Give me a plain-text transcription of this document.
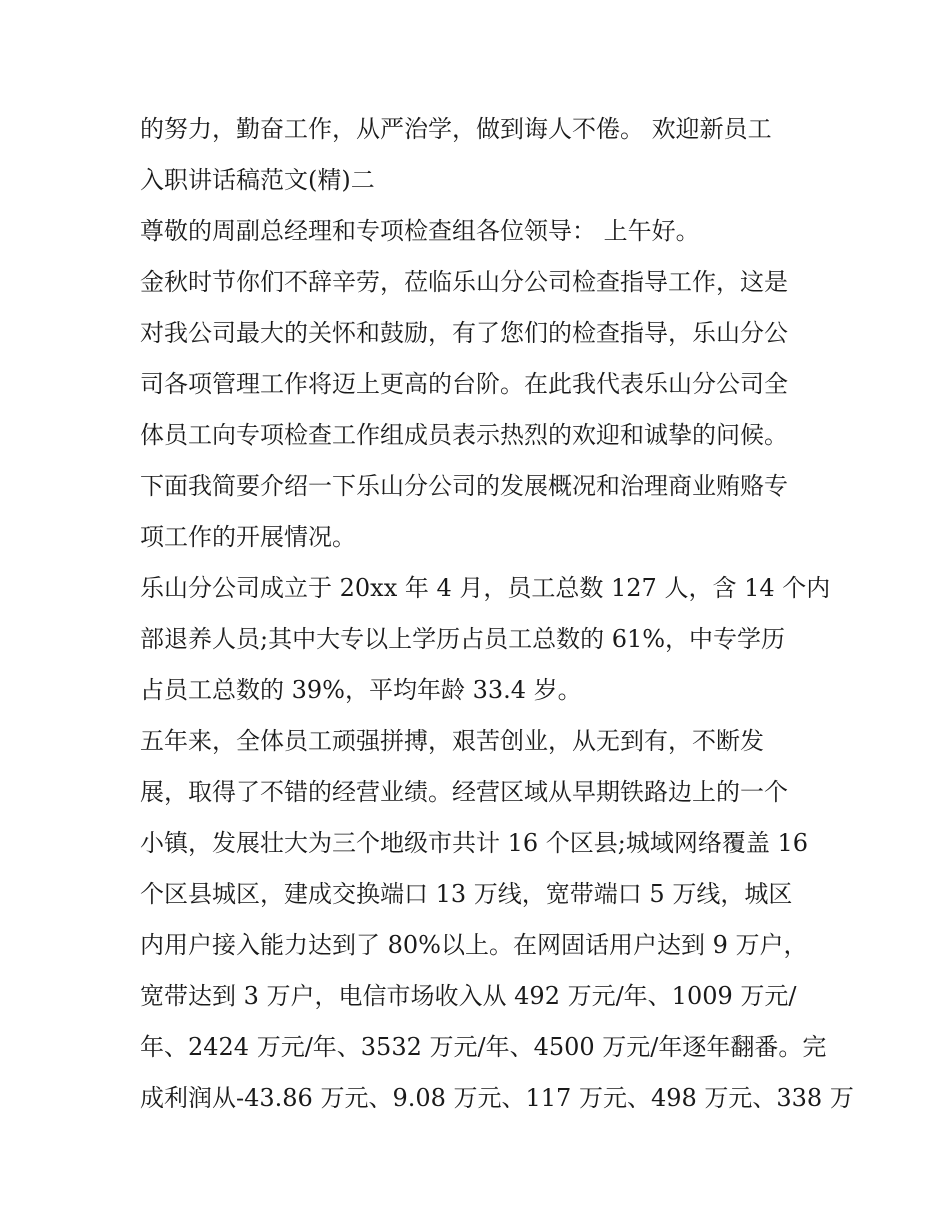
的努力，勤奋工作，从严治学，做到诲人不倦。 欢迎新员工
入职讲话稿范文(精)二
尊敬的周副总经理和专项检查组各位领导： 上午好。
金秋时节你们不辞辛劳，莅临乐山分公司检查指导工作，这是
对我公司最大的关怀和鼓励，有了您们的检查指导，乐山分公
司各项管理工作将迈上更高的台阶。在此我代表乐山分公司全
体员工向专项检查工作组成员表示热烈的欢迎和诚挚的问候。
下面我简要介绍一下乐山分公司的发展概况和治理商业贿赂专
项工作的开展情况。
乐山分公司成立于 20xx 年 4 月，员工总数 127 人，含 14 个内
部退养人员;其中大专以上学历占员工总数的 61%，中专学历
占员工总数的 39%，平均年龄 33.4 岁。
五年来，全体员工顽强拼搏，艰苦创业，从无到有，不断发
展，取得了不错的经营业绩。经营区域从早期铁路边上的一个
小镇，发展壮大为三个地级市共计 16 个区县;城域网络覆盖 16
个区县城区，建成交换端口 13 万线，宽带端口 5 万线，城区
内用户接入能力达到了 80%以上。在网固话用户达到 9 万户，
宽带达到 3 万户，电信市场收入从 492 万元/年、1009 万元/
年、2424 万元/年、3532 万元/年、4500 万元/年逐年翻番。完
成利润从-43.86 万元、9.08 万元、117 万元、498 万元、338 万
